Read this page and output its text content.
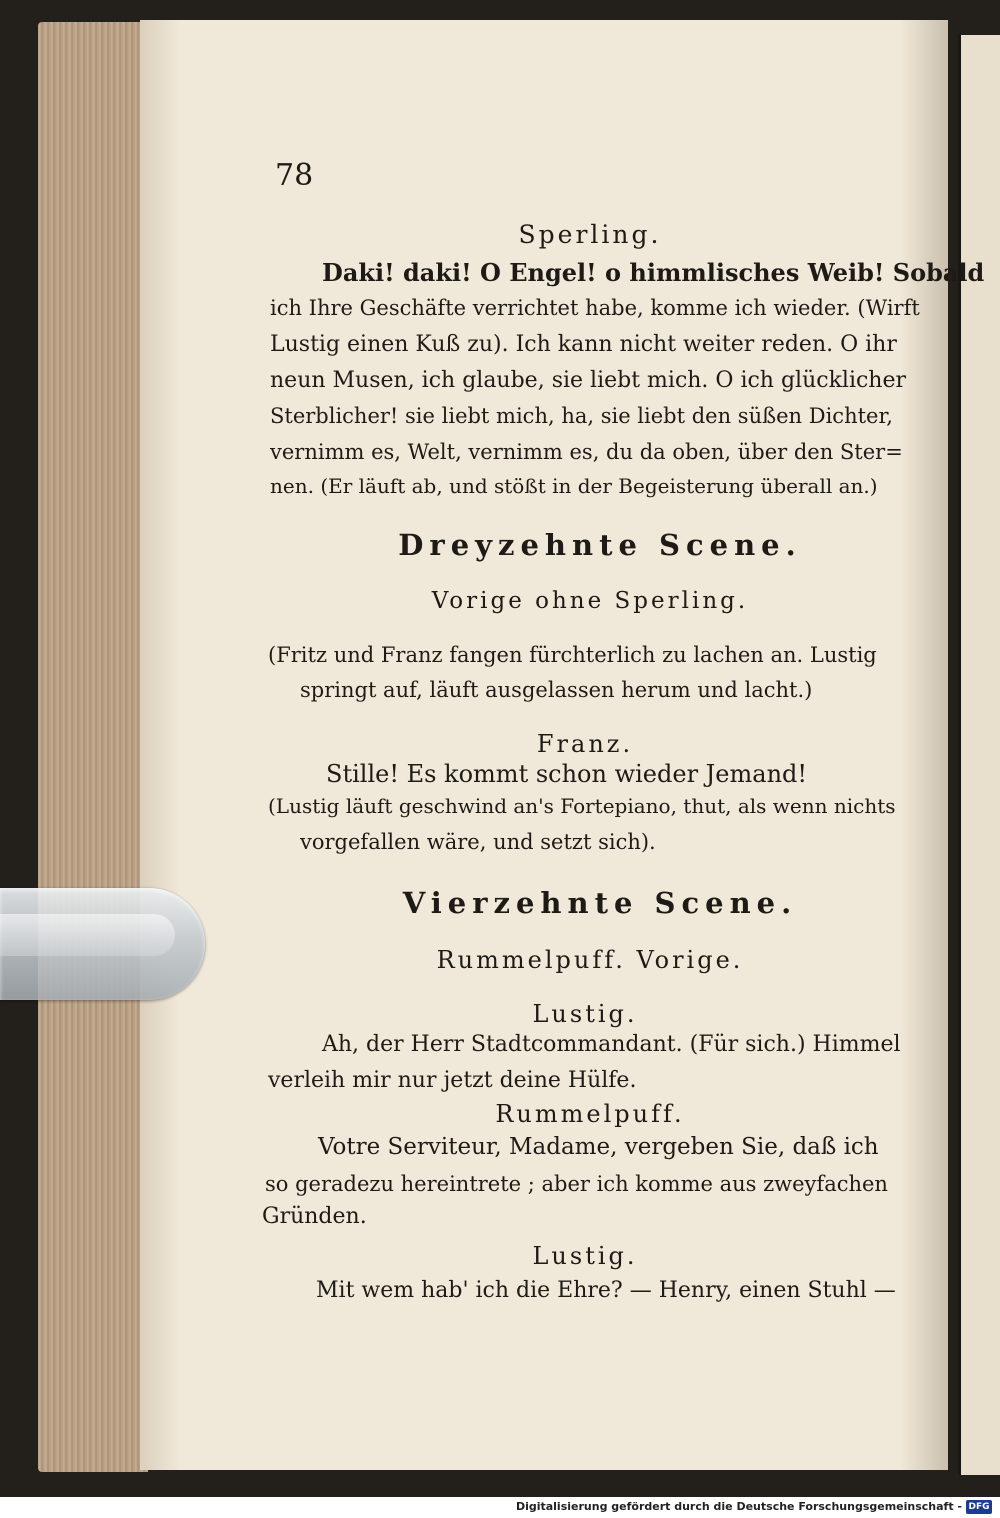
78
Sperling.
Daki! daki! O Engel! o himmlisches Weib! Sobald
ich Ihre Geschäfte verrichtet habe, komme ich wieder. (Wirft
Lustig einen Kuß zu). Ich kann nicht weiter reden. O ihr
neun Musen, ich glaube, sie liebt mich. O ich glücklicher
Sterblicher! sie liebt mich, ha, sie liebt den süßen Dichter,
vernimm es, Welt, vernimm es, du da oben, über den Ster=
nen. (Er läuft ab, und stößt in der Begeisterung überall an.)
Dreyzehnte Scene.
Vorige ohne Sperling.
(Fritz und Franz fangen fürchterlich zu lachen an. Lustig
springt auf, läuft ausgelassen herum und lacht.)
Franz.
Stille! Es kommt schon wieder Jemand!
(Lustig läuft geschwind an's Fortepiano, thut, als wenn nichts
vorgefallen wäre, und setzt sich).
Vierzehnte Scene.
Rummelpuff. Vorige.
Lustig.
Ah, der Herr Stadtcommandant. (Für sich.) Himmel
verleih mir nur jetzt deine Hülfe.
Rummelpuff.
Votre Serviteur, Madame, vergeben Sie, daß ich
so geradezu hereintrete ; aber ich komme aus zweyfachen
Gründen.
Lustig.
Mit wem hab' ich die Ehre? — Henry, einen Stuhl —
Digitalisierung gefördert durch die Deutsche Forschungsgemeinschaft - DFG
